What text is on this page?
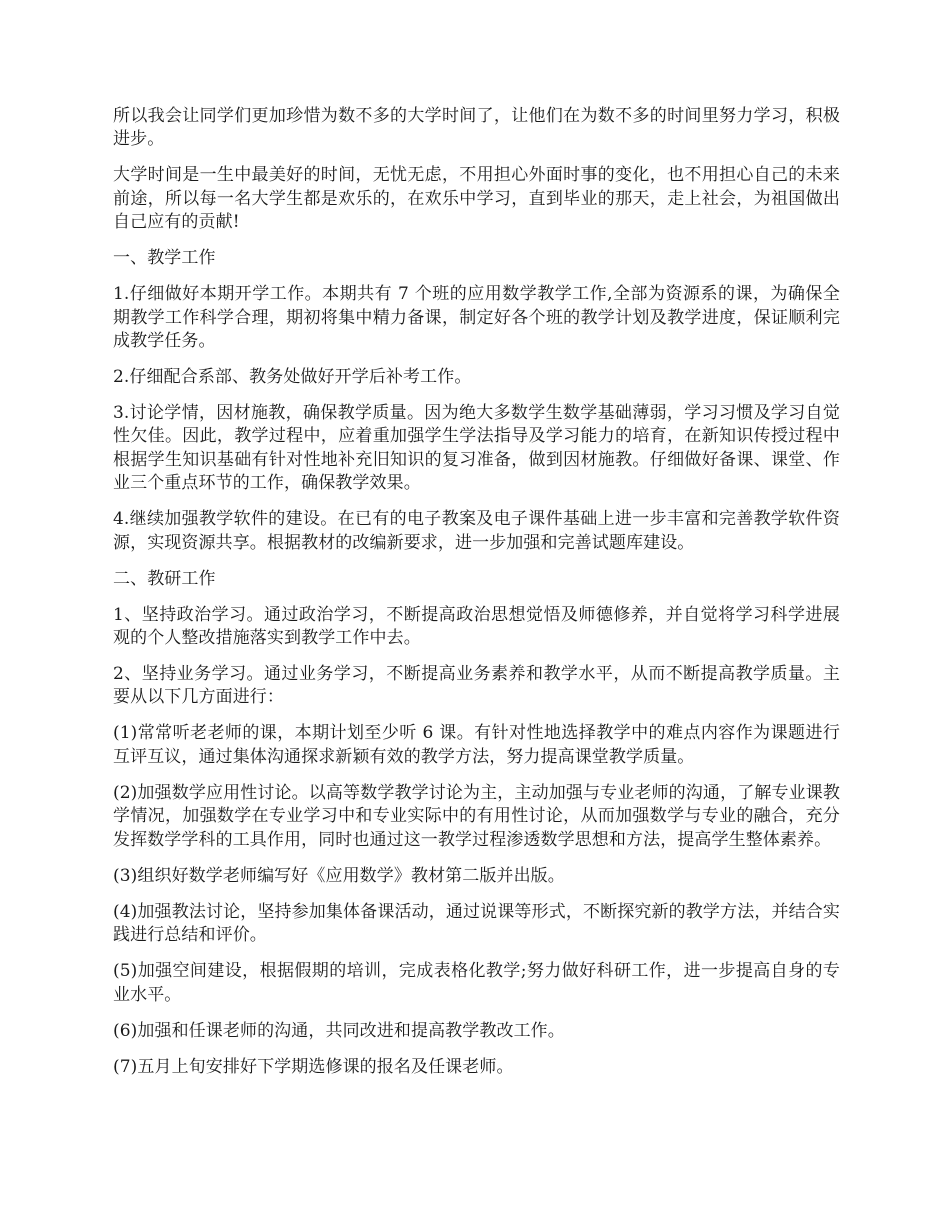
所以我会让同学们更加珍惜为数不多的大学时间了，让他们在为数不多的时间里努力学习，积极进步。

大学时间是一生中最美好的时间，无忧无虑，不用担心外面时事的变化，也不用担心自己的未来前途，所以每一名大学生都是欢乐的，在欢乐中学习，直到毕业的那天，走上社会，为祖国做出自己应有的贡献!

一、教学工作

1.仔细做好本期开学工作。本期共有 7 个班的应用数学教学工作,全部为资源系的课，为确保全期教学工作科学合理，期初将集中精力备课，制定好各个班的教学计划及教学进度，保证顺利完成教学任务。

2.仔细配合系部、教务处做好开学后补考工作。

3.讨论学情，因材施教，确保教学质量。因为绝大多数学生数学基础薄弱，学习习惯及学习自觉性欠佳。因此，教学过程中，应着重加强学生学法指导及学习能力的培育，在新知识传授过程中根据学生知识基础有针对性地补充旧知识的复习准备，做到因材施教。仔细做好备课、课堂、作业三个重点环节的工作，确保教学效果。

4.继续加强教学软件的建设。在已有的电子教案及电子课件基础上进一步丰富和完善教学软件资源，实现资源共享。根据教材的改编新要求，进一步加强和完善试题库建设。

二、教研工作

1、坚持政治学习。通过政治学习，不断提高政治思想觉悟及师德修养，并自觉将学习科学进展观的个人整改措施落实到教学工作中去。

2、坚持业务学习。通过业务学习，不断提高业务素养和教学水平，从而不断提高教学质量。主要从以下几方面进行：

(1)常常听老老师的课，本期计划至少听 6 课。有针对性地选择教学中的难点内容作为课题进行互评互议，通过集体沟通探求新颖有效的教学方法，努力提高课堂教学质量。

(2)加强数学应用性讨论。以高等数学教学讨论为主，主动加强与专业老师的沟通，了解专业课教学情况，加强数学在专业学习中和专业实际中的有用性讨论，从而加强数学与专业的融合，充分发挥数学学科的工具作用，同时也通过这一教学过程渗透数学思想和方法，提高学生整体素养。

(3)组织好数学老师编写好《应用数学》教材第二版并出版。

(4)加强教法讨论，坚持参加集体备课活动，通过说课等形式，不断探究新的教学方法，并结合实践进行总结和评价。

(5)加强空间建设，根据假期的培训，完成表格化教学;努力做好科研工作，进一步提高自身的专业水平。

(6)加强和任课老师的沟通，共同改进和提高教学教改工作。

(7)五月上旬安排好下学期选修课的报名及任课老师。
